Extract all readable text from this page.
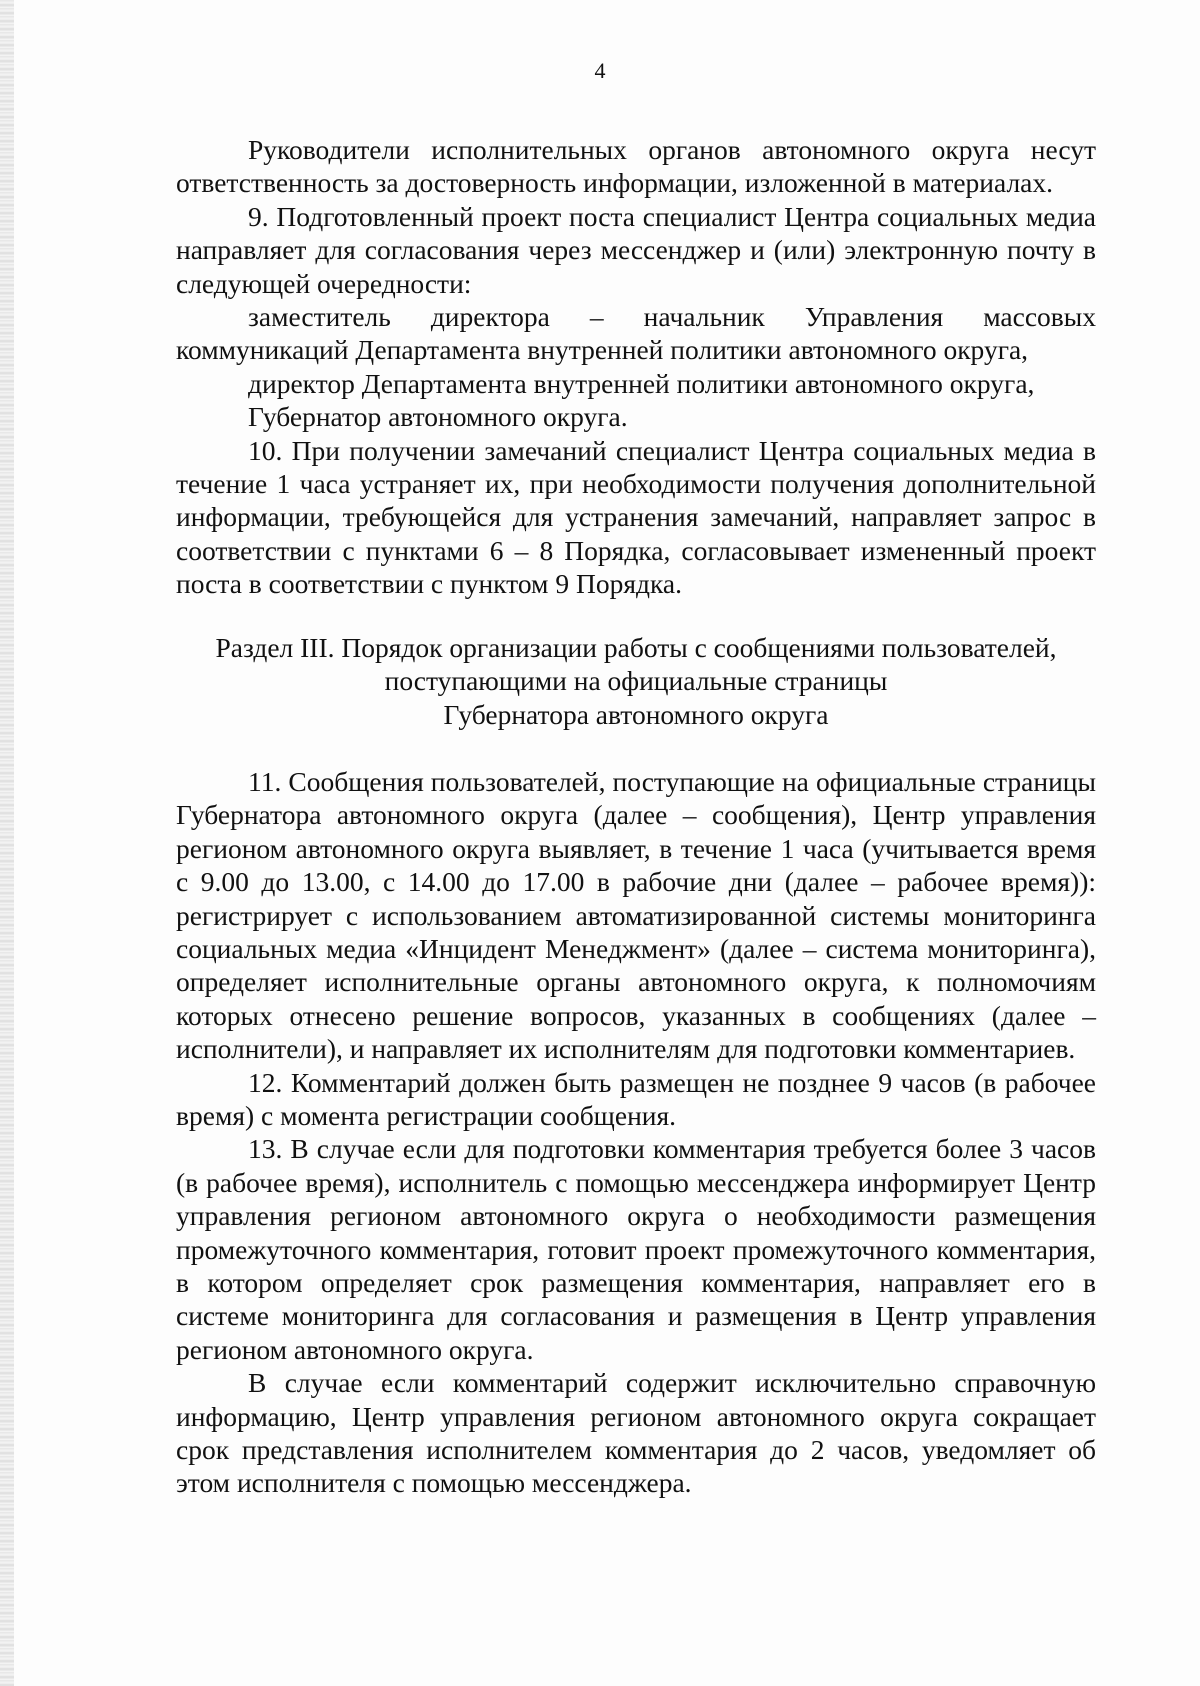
4

Руководители исполнительных органов автономного округа несут ответственность за достоверность информации, изложенной в материалах.

9. Подготовленный проект поста специалист Центра социальных медиа направляет для согласования через мессенджер и (или) электронную почту в следующей очередности:

заместитель директора – начальник Управления массовых коммуникаций Департамента внутренней политики автономного округа,

директор Департамента внутренней политики автономного округа,

Губернатор автономного округа.

10. При получении замечаний специалист Центра социальных медиа в течение 1 часа устраняет их, при необходимости получения дополнительной информации, требующейся для устранения замечаний, направляет запрос в соответствии с пунктами 6 – 8 Порядка, согласовывает измененный проект поста в соответствии с пунктом 9 Порядка.

Раздел III. Порядок организации работы с сообщениями пользователей,
поступающими на официальные страницы
Губернатора автономного округа

11. Сообщения пользователей, поступающие на официальные страницы Губернатора автономного округа (далее – сообщения), Центр управления регионом автономного округа выявляет, в течение 1 часа (учитывается время с 9.00 до 13.00, с 14.00 до 17.00 в рабочие дни (далее – рабочее время)): регистрирует с использованием автоматизированной системы мониторинга социальных медиа «Инцидент Менеджмент» (далее – система мониторинга), определяет исполнительные органы автономного округа, к полномочиям которых отнесено решение вопросов, указанных в сообщениях (далее – исполнители), и направляет их исполнителям для подготовки комментариев.

12. Комментарий должен быть размещен не позднее 9 часов (в рабочее время) с момента регистрации сообщения.

13. В случае если для подготовки комментария требуется более 3 часов (в рабочее время), исполнитель с помощью мессенджера информирует Центр управления регионом автономного округа о необходимости размещения промежуточного комментария, готовит проект промежуточного комментария, в котором определяет срок размещения комментария, направляет его в системе мониторинга для согласования и размещения в Центр управления регионом автономного округа.

В случае если комментарий содержит исключительно справочную информацию, Центр управления регионом автономного округа сокращает срок представления исполнителем комментария до 2 часов, уведомляет об этом исполнителя с помощью мессенджера.
